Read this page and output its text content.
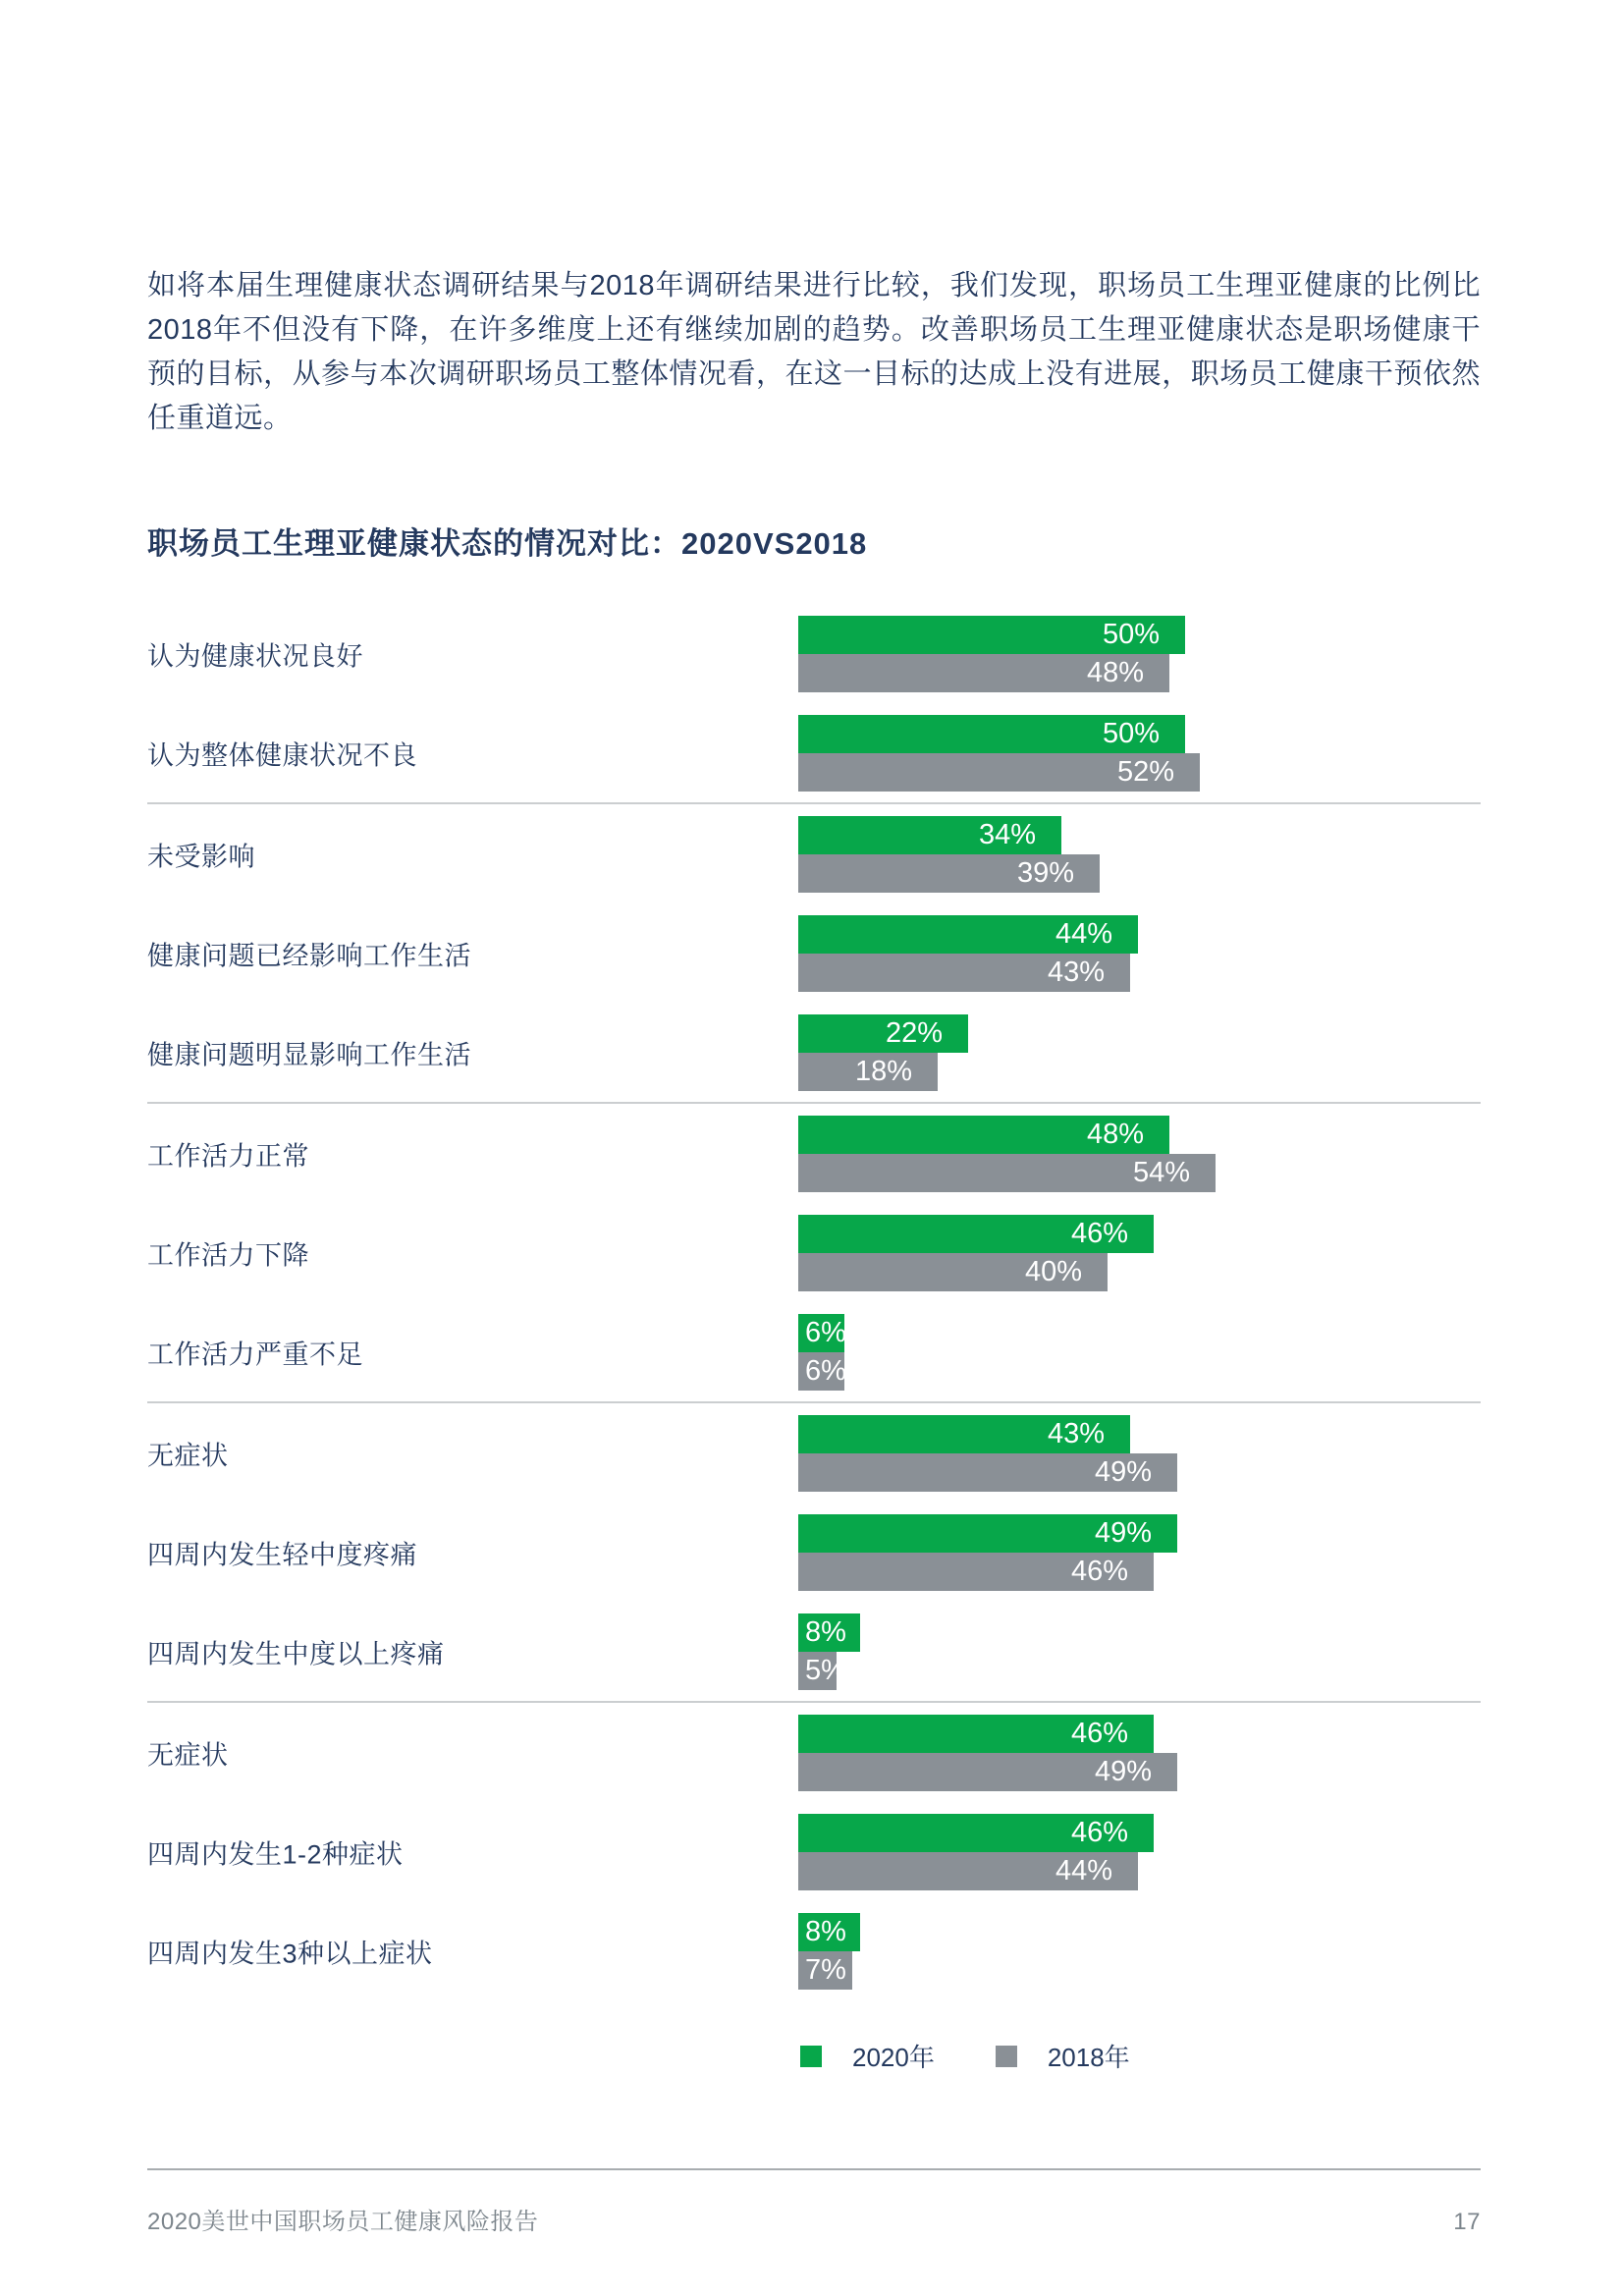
如将本届生理健康状态调研结果与2018年调研结果进行比较，我们发现，职场员工生理亚健康的比例比2018年不但没有下降，在许多维度上还有继续加剧的趋势。改善职场员工生理亚健康状态是职场健康干预的目标，从参与本次调研职场员工整体情况看，在这一目标的达成上没有进展，职场员工健康干预依然任重道远。

职场员工生理亚健康状态的情况对比：2020VS2018
认为健康状况良好
50%
48%
认为整体健康状况不良
50%
52%
未受影响
34%
39%
健康问题已经影响工作生活
44%
43%
健康问题明显影响工作生活
22%
18%
工作活力正常
48%
54%
工作活力下降
46%
40%
工作活力严重不足
6%
6%
无症状
43%
49%
四周内发生轻中度疼痛
49%
46%
四周内发生中度以上疼痛
8%
5%
无症状
46%
49%
四周内发生1-2种症状
46%
44%
四周内发生3种以上症状
8%
7%
2020年	2018年
2020美世中国职场员工健康风险报告	17
